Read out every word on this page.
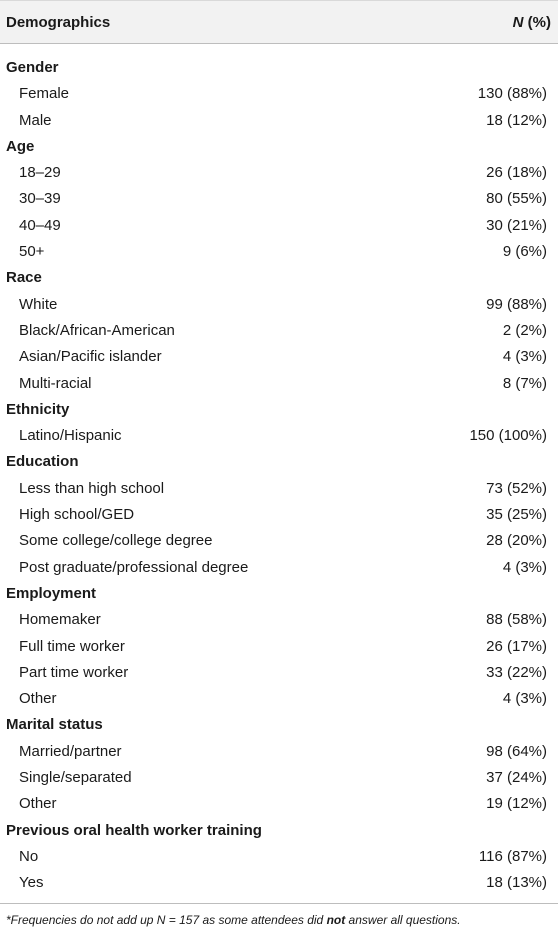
Demographics	N (%)
Gender
Female	130 (88%)
Male	18 (12%)
Age
18–29	26 (18%)
30–39	80 (55%)
40–49	30 (21%)
50+	9 (6%)
Race
White	99 (88%)
Black/African-American	2 (2%)
Asian/Pacific islander	4 (3%)
Multi-racial	8 (7%)
Ethnicity
Latino/Hispanic	150 (100%)
Education
Less than high school	73 (52%)
High school/GED	35 (25%)
Some college/college degree	28 (20%)
Post graduate/professional degree	4 (3%)
Employment
Homemaker	88 (58%)
Full time worker	26 (17%)
Part time worker	33 (22%)
Other	4 (3%)
Marital status
Married/partner	98 (64%)
Single/separated	37 (24%)
Other	19 (12%)
Previous oral health worker training
No	116 (87%)
Yes	18 (13%)
*Frequencies do not add up N = 157 as some attendees did not answer all questions.
